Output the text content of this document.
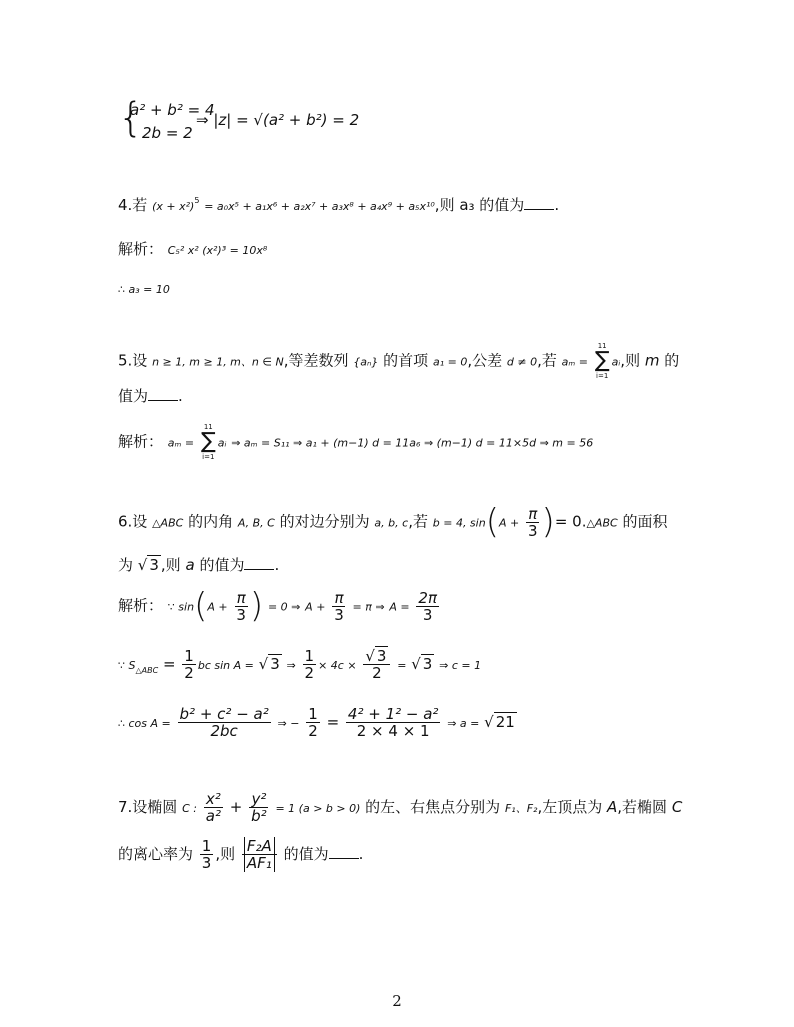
{
a² + b² = 4
2b = 2
⇒ |z| = √(a² + b²) = 2
4.若 $(x + x^2)^5 = a_0x^5 + a_1x^6 + a_2x^7 + a_3x^8 + a_4x^9 + a_5x^{10}$,则 a₃ 的值为 .
解析： C₅² x² (x²)³ = 10x⁸
∴ a₃ = 10
5.设 n ≥ 1, m ≥ 1, m、n ∈ N,等差数列 {aₙ} 的首项 a₁ = 0,公差 d ≠ 0,若 aₘ =
11
∑
i=1
aᵢ,则 m 的
值为 .
解析： aₘ =
11
∑
i=1
aᵢ ⇒ aₘ = S₁₁ ⇒ a₁ + (m−1) d = 11a₆ ⇒ (m−1) d = 11×5d ⇒ m = 56
6.设 △ABC 的内角 A, B, C 的对边分别为 a, b, c,若 b = 4, $\sin(A + \frac{\pi}{3}$ )= 0.△ABC 的面积
为 √ 3 ,则 a 的值为 .
解析： ∵ $\sin(A + \frac{\pi}{3}$ ) = 0 ⇒ $A + \frac{\pi}{3} = \pi$ ⇒ $A = \frac{2\pi}{3}$
∵ $S_{\triangle ABC} = \frac{1}{2}$ bc sin A = √ 3 ⇒ $\frac{1}{2} \times 4c \times \frac{√ 3}{2}$ = √ 3 ⇒ c = 1
∴ $\cos A = \frac{\text{b² + c² − a²}}{2bc}$ ⇒ − $\frac{1}{2} = \frac{\text{4² + 1² − a²}}{2 \times 4 \times 1}$ ⇒ a = √ 21
7.设椭圆 C : $\frac{\text{x²}}{\text{a²}} + \frac{\text{y²}}{\text{b²}} = 1$ (a > b > 0) 的左、右焦点分别为 F₁、F₂,左顶点为 A,若椭圆 C
的离心率为 $\frac{1}{3}$ ,则 $\frac{\text{F₂A}}{\text{AF₁}}$ 的值为 .
2
